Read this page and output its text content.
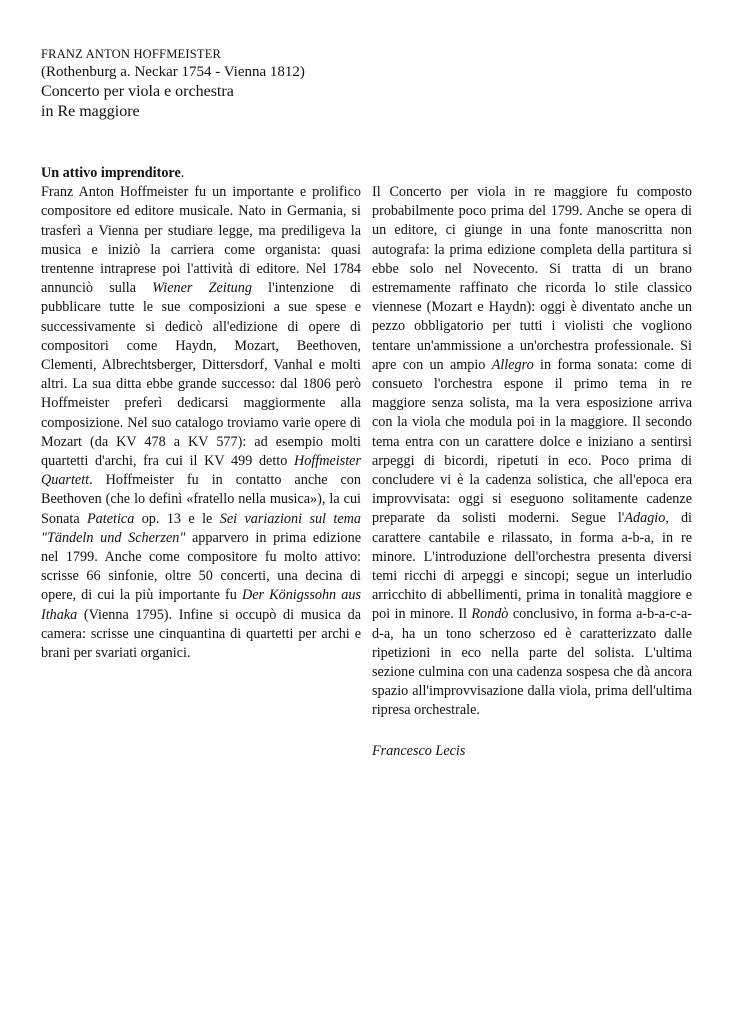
FRANZ ANTON HOFFMEISTER
(Rothenburg a. Neckar 1754 - Vienna 1812)
Concerto per viola e orchestra
in Re maggiore

Un attivo imprenditore.

Franz Anton Hoffmeister fu un importante e prolifico compositore ed editore musicale. Nato in Germania, si trasferì a Vienna per studiare legge, ma prediligeva la musica e iniziò la carriera come organista: quasi trentenne intraprese poi l'attività di editore. Nel 1784 annunciò sulla Wiener Zeitung l'intenzione di pubblicare tutte le sue composizioni a sue spese e successivamente si dedicò all'edizione di opere di compositori come Haydn, Mozart, Beethoven, Clementi, Albrechtsberger, Dittersdorf, Vanhal e molti altri. La sua ditta ebbe grande successo: dal 1806 però Hoffmeister preferì dedicarsi maggiormente alla composizione. Nel suo catalogo troviamo varie opere di Mozart (da KV 478 a KV 577): ad esempio molti quartetti d'archi, fra cui il KV 499 detto Hoffmeister Quartett. Hoffmeister fu in contatto anche con Beethoven (che lo definì «fratello nella musica»), la cui Sonata Patetica op. 13 e le Sei variazioni sul tema "Tändeln und Scherzen" apparvero in prima edizione nel 1799. Anche come compositore fu molto attivo: scrisse 66 sinfonie, oltre 50 concerti, una decina di opere, di cui la più importante fu Der Königssohn aus Ithaka (Vienna 1795). Infine si occupò di musica da camera: scrisse une cinquantina di quartetti per archi e brani per svariati organici.

Il Concerto per viola in re maggiore fu composto probabilmente poco prima del 1799. Anche se opera di un editore, ci giunge in una fonte manoscritta non autografa: la prima edizione completa della partitura si ebbe solo nel Novecento. Si tratta di un brano estremamente raffinato che ricorda lo stile classico viennese (Mozart e Haydn): oggi è diventato anche un pezzo obbligatorio per tutti i violisti che vogliono tentare un'ammissione a un'orchestra professionale. Si apre con un ampio Allegro in forma sonata: come di consueto l'orchestra espone il primo tema in re maggiore senza solista, ma la vera esposizione arriva con la viola che modula poi in la maggiore. Il secondo tema entra con un carattere dolce e iniziano a sentirsi arpeggi di bicordi, ripetuti in eco. Poco prima di concludere vi è la cadenza solistica, che all'epoca era improvvisata: oggi si eseguono solitamente cadenze preparate da solisti moderni. Segue l'Adagio, di carattere cantabile e rilassato, in forma a-b-a, in re minore. L'introduzione dell'orchestra presenta diversi temi ricchi di arpeggi e sincopi; segue un interludio arricchito di abbellimenti, prima in tonalità maggiore e poi in minore. Il Rondò conclusivo, in forma a-b-a-c-a-d-a, ha un tono scherzoso ed è caratterizzato dalle ripetizioni in eco nella parte del solista. L'ultima sezione culmina con una cadenza sospesa che dà ancora spazio all'improvvisazione dalla viola, prima dell'ultima ripresa orchestrale.

Francesco Lecis
